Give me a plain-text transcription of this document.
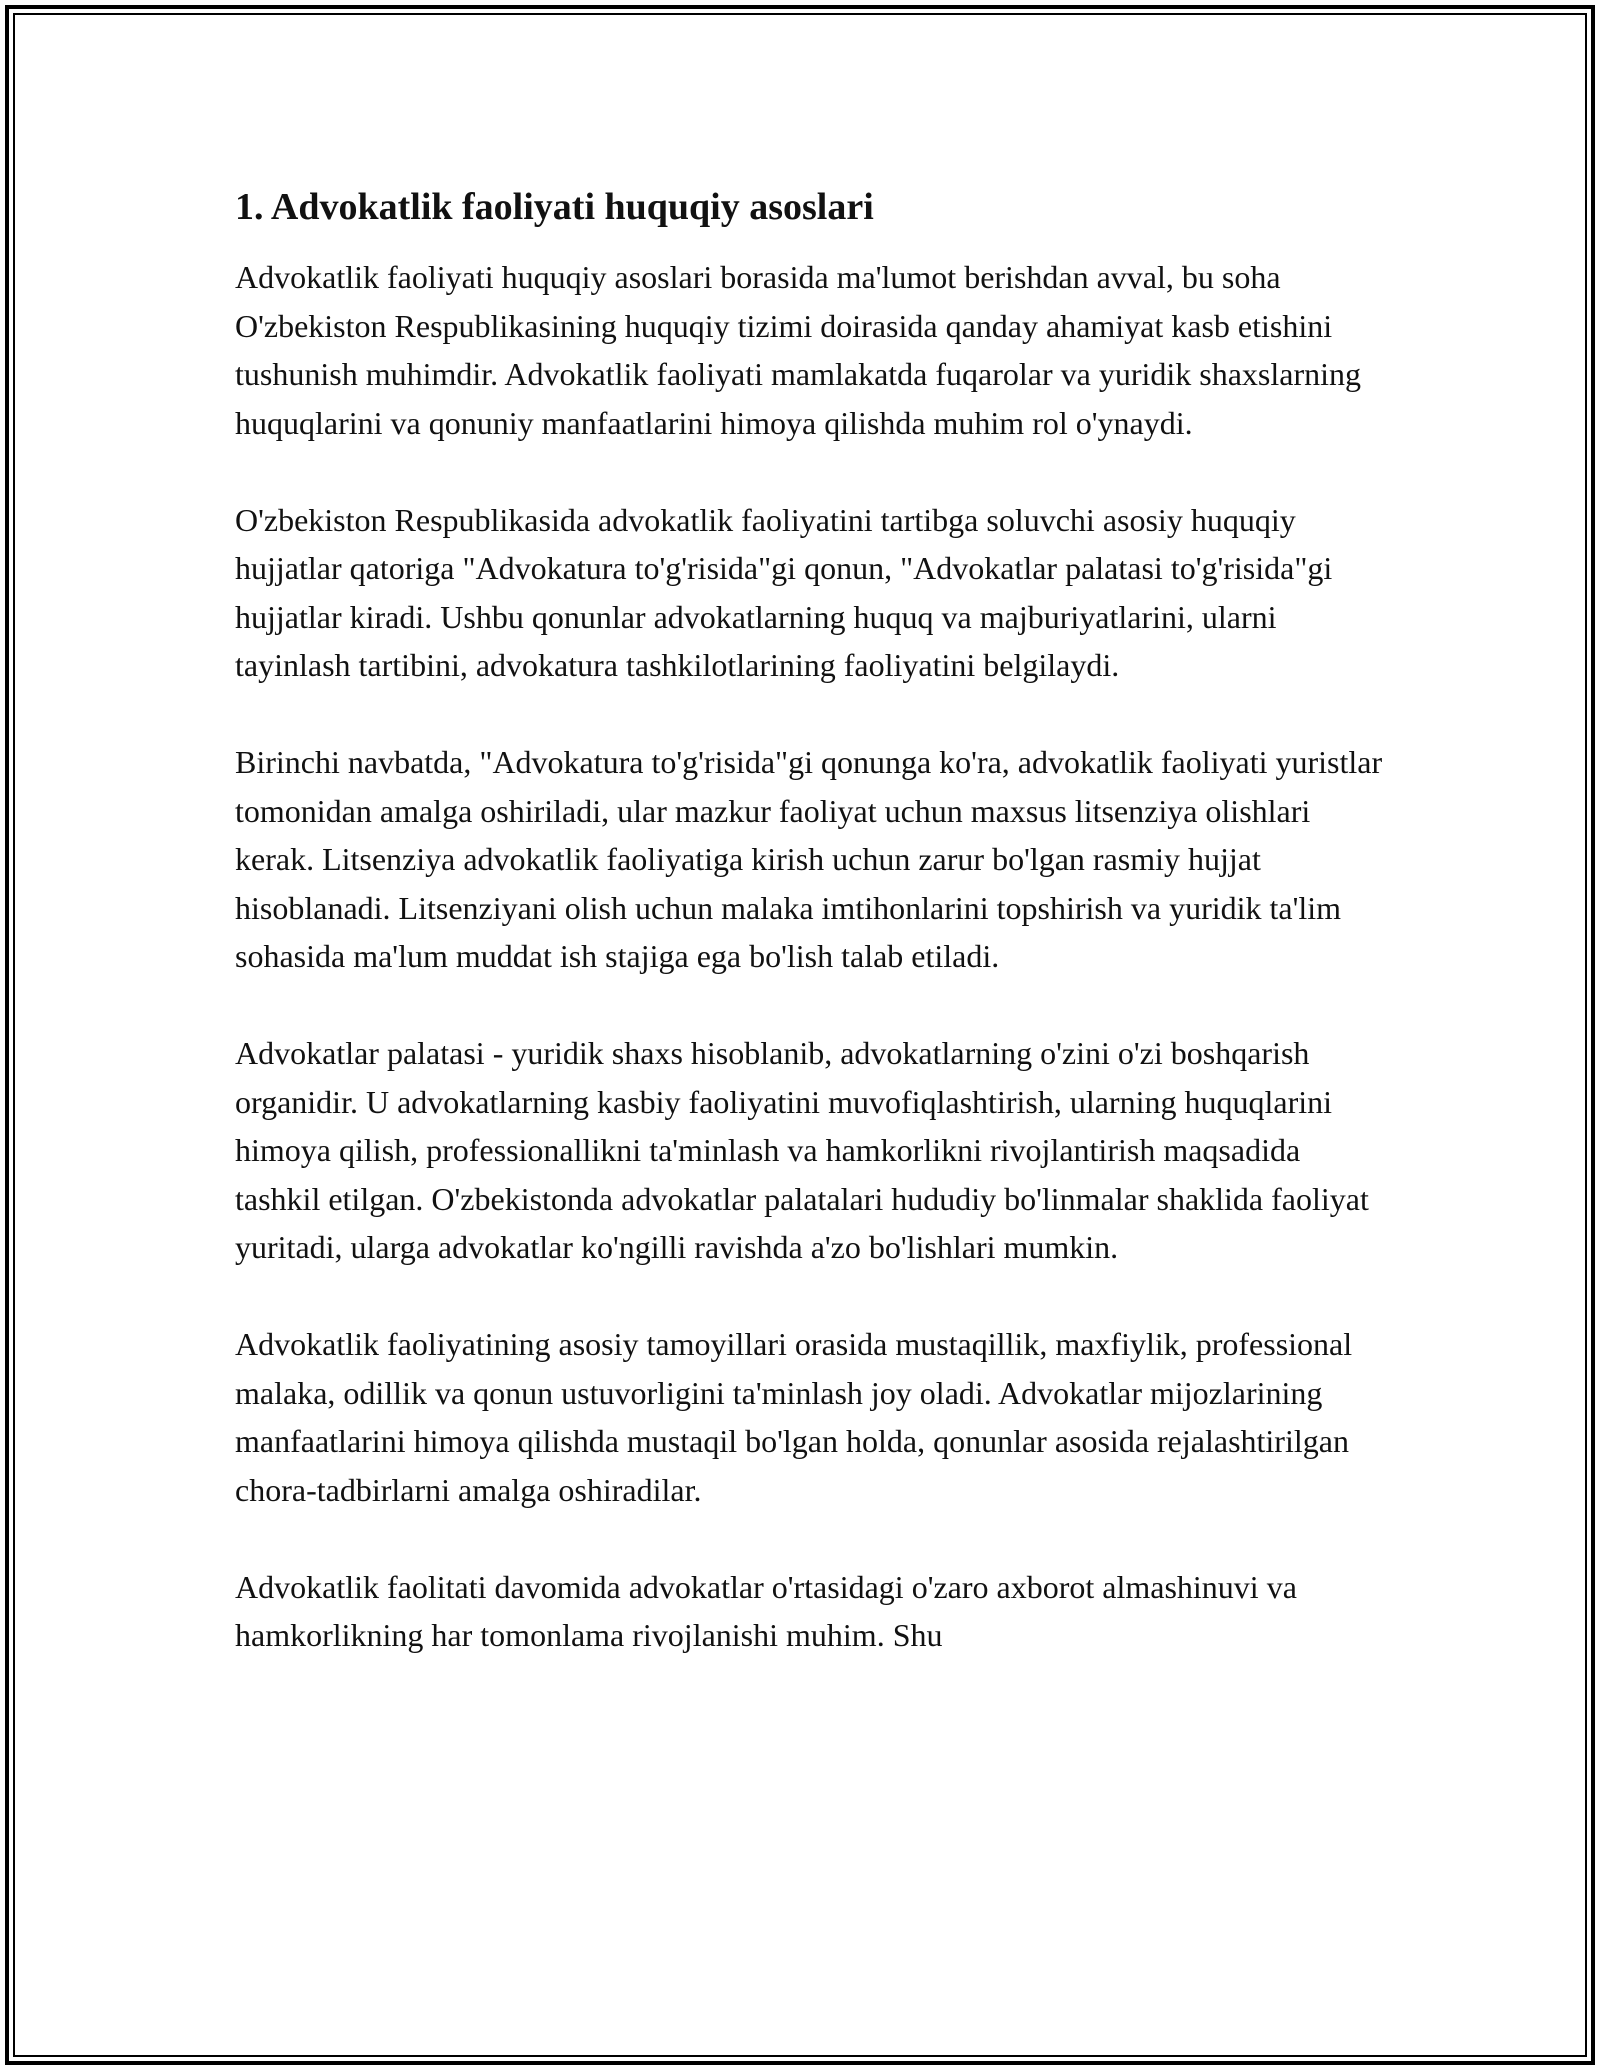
1. Advokatlik faoliyati huquqiy asoslari

Advokatlik faoliyati huquqiy asoslari borasida ma'lumot berishdan avval, bu soha O'zbekiston Respublikasining huquqiy tizimi doirasida qanday ahamiyat kasb etishini tushunish muhimdir. Advokatlik faoliyati mamlakatda fuqarolar va yuridik shaxslarning huquqlarini va qonuniy manfaatlarini himoya qilishda muhim rol o'ynaydi.

O'zbekiston Respublikasida advokatlik faoliyatini tartibga soluvchi asosiy huquqiy hujjatlar qatoriga "Advokatura to'g'risida"gi qonun, "Advokatlar palatasi to'g'risida"gi hujjatlar kiradi. Ushbu qonunlar advokatlarning huquq va majburiyatlarini, ularni tayinlash tartibini, advokatura tashkilotlarining faoliyatini belgilaydi.

Birinchi navbatda, "Advokatura to'g'risida"gi qonunga ko'ra, advokatlik faoliyati yuristlar tomonidan amalga oshiriladi, ular mazkur faoliyat uchun maxsus litsenziya olishlari kerak. Litsenziya advokatlik faoliyatiga kirish uchun zarur bo'lgan rasmiy hujjat hisoblanadi. Litsenziyani olish uchun malaka imtihonlarini topshirish va yuridik ta'lim sohasida ma'lum muddat ish stajiga ega bo'lish talab etiladi.

Advokatlar palatasi - yuridik shaxs hisoblanib, advokatlarning o'zini o'zi boshqarish organidir. U advokatlarning kasbiy faoliyatini muvofiqlashtirish, ularning huquqlarini himoya qilish, professionallikni ta'minlash va hamkorlikni rivojlantirish maqsadida tashkil etilgan. O'zbekistonda advokatlar palatalari hududiy bo'linmalar shaklida faoliyat yuritadi, ularga advokatlar ko'ngilli ravishda a'zo bo'lishlari mumkin.

Advokatlik faoliyatining asosiy tamoyillari orasida mustaqillik, maxfiylik, professional malaka, odillik va qonun ustuvorligini ta'minlash joy oladi. Advokatlar mijozlarining manfaatlarini himoya qilishda mustaqil bo'lgan holda, qonunlar asosida rejalashtirilgan chora-tadbirlarni amalga oshiradilar.

Advokatlik faolitati davomida advokatlar o'rtasidagi o'zaro axborot almashinuvi va hamkorlikning har tomonlama rivojlanishi muhim. Shu
